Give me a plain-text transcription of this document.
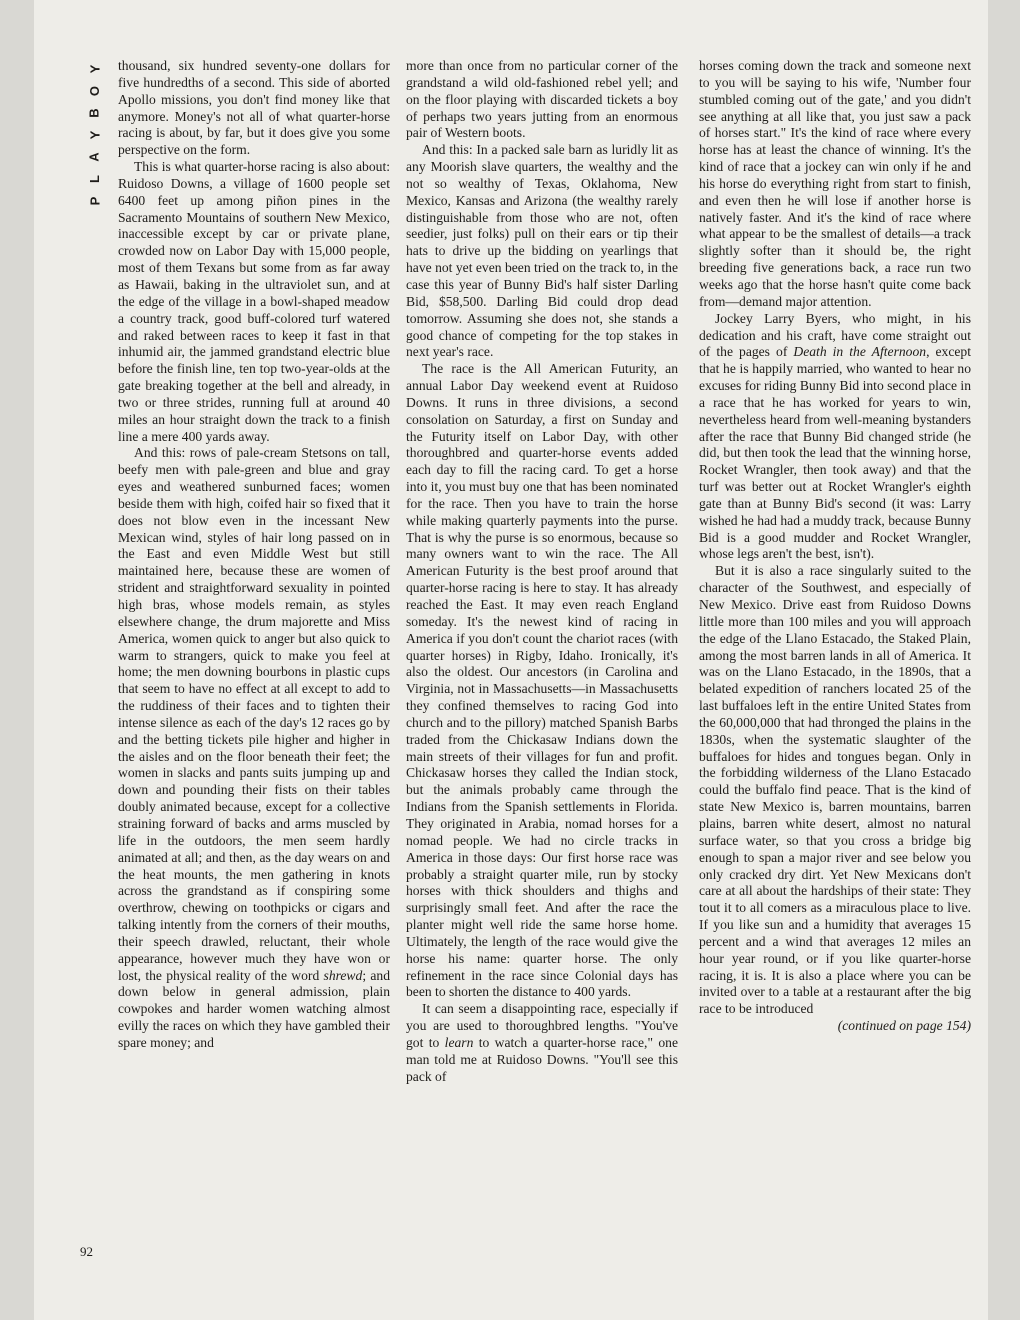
Y
O
B
Y
A
L
P

thousand, six hundred seventy-one dollars for five hundredths of a second. This side of aborted Apollo missions, you don't find money like that anymore. Money's not all of what quarter-horse racing is about, by far, but it does give you some perspective on the form.

This is what quarter-horse racing is also about: Ruidoso Downs, a village of 1600 people set 6400 feet up among piñon pines in the Sacramento Mountains of southern New Mexico, inaccessible except by car or private plane, crowded now on Labor Day with 15,000 people, most of them Texans but some from as far away as Hawaii, baking in the ultraviolet sun, and at the edge of the village in a bowl-shaped meadow a country track, good buff-colored turf watered and raked between races to keep it fast in that inhumid air, the jammed grandstand electric blue before the finish line, ten top two-year-olds at the gate breaking together at the bell and already, in two or three strides, running full at around 40 miles an hour straight down the track to a finish line a mere 400 yards away.

And this: rows of pale-cream Stetsons on tall, beefy men with pale-green and blue and gray eyes and weathered sunburned faces; women beside them with high, coifed hair so fixed that it does not blow even in the incessant New Mexican wind, styles of hair long passed on in the East and even Middle West but still maintained here, because these are women of strident and straightforward sexuality in pointed high bras, whose models remain, as styles elsewhere change, the drum majorette and Miss America, women quick to anger but also quick to warm to strangers, quick to make you feel at home; the men downing bourbons in plastic cups that seem to have no effect at all except to add to the ruddiness of their faces and to tighten their intense silence as each of the day's 12 races go by and the betting tickets pile higher and higher in the aisles and on the floor beneath their feet; the women in slacks and pants suits jumping up and down and pounding their fists on their tables doubly animated because, except for a collective straining forward of backs and arms muscled by life in the outdoors, the men seem hardly animated at all; and then, as the day wears on and the heat mounts, the men gathering in knots across the grandstand as if conspiring some overthrow, chewing on toothpicks or cigars and talking intently from the corners of their mouths, their speech drawled, reluctant, their whole appearance, however much they have won or lost, the physical reality of the word shrewd; and down below in general admission, plain cowpokes and harder women watching almost evilly the races on which they have gambled their spare money; and

more than once from no particular corner of the grandstand a wild old-fashioned rebel yell; and on the floor playing with discarded tickets a boy of perhaps two years jutting from an enormous pair of Western boots.

And this: In a packed sale barn as luridly lit as any Moorish slave quarters, the wealthy and the not so wealthy of Texas, Oklahoma, New Mexico, Kansas and Arizona (the wealthy rarely distinguishable from those who are not, often seedier, just folks) pull on their ears or tip their hats to drive up the bidding on yearlings that have not yet even been tried on the track to, in the case this year of Bunny Bid's half sister Darling Bid, $58,500. Darling Bid could drop dead tomorrow. Assuming she does not, she stands a good chance of competing for the top stakes in next year's race.

The race is the All American Futurity, an annual Labor Day weekend event at Ruidoso Downs. It runs in three divisions, a second consolation on Saturday, a first on Sunday and the Futurity itself on Labor Day, with other thoroughbred and quarter-horse events added each day to fill the racing card. To get a horse into it, you must buy one that has been nominated for the race. Then you have to train the horse while making quarterly payments into the purse. That is why the purse is so enormous, because so many owners want to win the race. The All American Futurity is the best proof around that quarter-horse racing is here to stay. It has already reached the East. It may even reach England someday. It's the newest kind of racing in America if you don't count the chariot races (with quarter horses) in Rigby, Idaho. Ironically, it's also the oldest. Our ancestors (in Carolina and Virginia, not in Massachusetts—in Massachusetts they confined themselves to racing God into church and to the pillory) matched Spanish Barbs traded from the Chickasaw Indians down the main streets of their villages for fun and profit. Chickasaw horses they called the Indian stock, but the animals probably came through the Indians from the Spanish settlements in Florida. They originated in Arabia, nomad horses for a nomad people. We had no circle tracks in America in those days: Our first horse race was probably a straight quarter mile, run by stocky horses with thick shoulders and thighs and surprisingly small feet. And after the race the planter might well ride the same horse home. Ultimately, the length of the race would give the horse his name: quarter horse. The only refinement in the race since Colonial days has been to shorten the distance to 400 yards.

It can seem a disappointing race, especially if you are used to thoroughbred lengths. "You've got to learn to watch a quarter-horse race," one man told me at Ruidoso Downs. "You'll see this pack of

horses coming down the track and someone next to you will be saying to his wife, 'Number four stumbled coming out of the gate,' and you didn't see anything at all like that, you just saw a pack of horses start." It's the kind of race where every horse has at least the chance of winning. It's the kind of race that a jockey can win only if he and his horse do everything right from start to finish, and even then he will lose if another horse is natively faster. And it's the kind of race where what appear to be the smallest of details—a track slightly softer than it should be, the right breeding five generations back, a race run two weeks ago that the horse hasn't quite come back from—demand major attention.

Jockey Larry Byers, who might, in his dedication and his craft, have come straight out of the pages of Death in the Afternoon, except that he is happily married, who wanted to hear no excuses for riding Bunny Bid into second place in a race that he has worked for years to win, nevertheless heard from well-meaning bystanders after the race that Bunny Bid changed stride (he did, but then took the lead that the winning horse, Rocket Wrangler, then took away) and that the turf was better out at Rocket Wrangler's eighth gate than at Bunny Bid's second (it was: Larry wished he had had a muddy track, because Bunny Bid is a good mudder and Rocket Wrangler, whose legs aren't the best, isn't).

But it is also a race singularly suited to the character of the Southwest, and especially of New Mexico. Drive east from Ruidoso Downs little more than 100 miles and you will approach the edge of the Llano Estacado, the Staked Plain, among the most barren lands in all of America. It was on the Llano Estacado, in the 1890s, that a belated expedition of ranchers located 25 of the last buffaloes left in the entire United States from the 60,000,000 that had thronged the plains in the 1830s, when the systematic slaughter of the buffaloes for hides and tongues began. Only in the forbidding wilderness of the Llano Estacado could the buffalo find peace. That is the kind of state New Mexico is, barren mountains, barren plains, barren white desert, almost no natural surface water, so that you cross a bridge big enough to span a major river and see below you only cracked dry dirt. Yet New Mexicans don't care at all about the hardships of their state: They tout it to all comers as a miraculous place to live. If you like sun and a humidity that averages 15 percent and a wind that averages 12 miles an hour year round, or if you like quarter-horse racing, it is. It is also a place where you can be invited over to a table at a restaurant after the big race to be introduced

(continued on page 154)
92
